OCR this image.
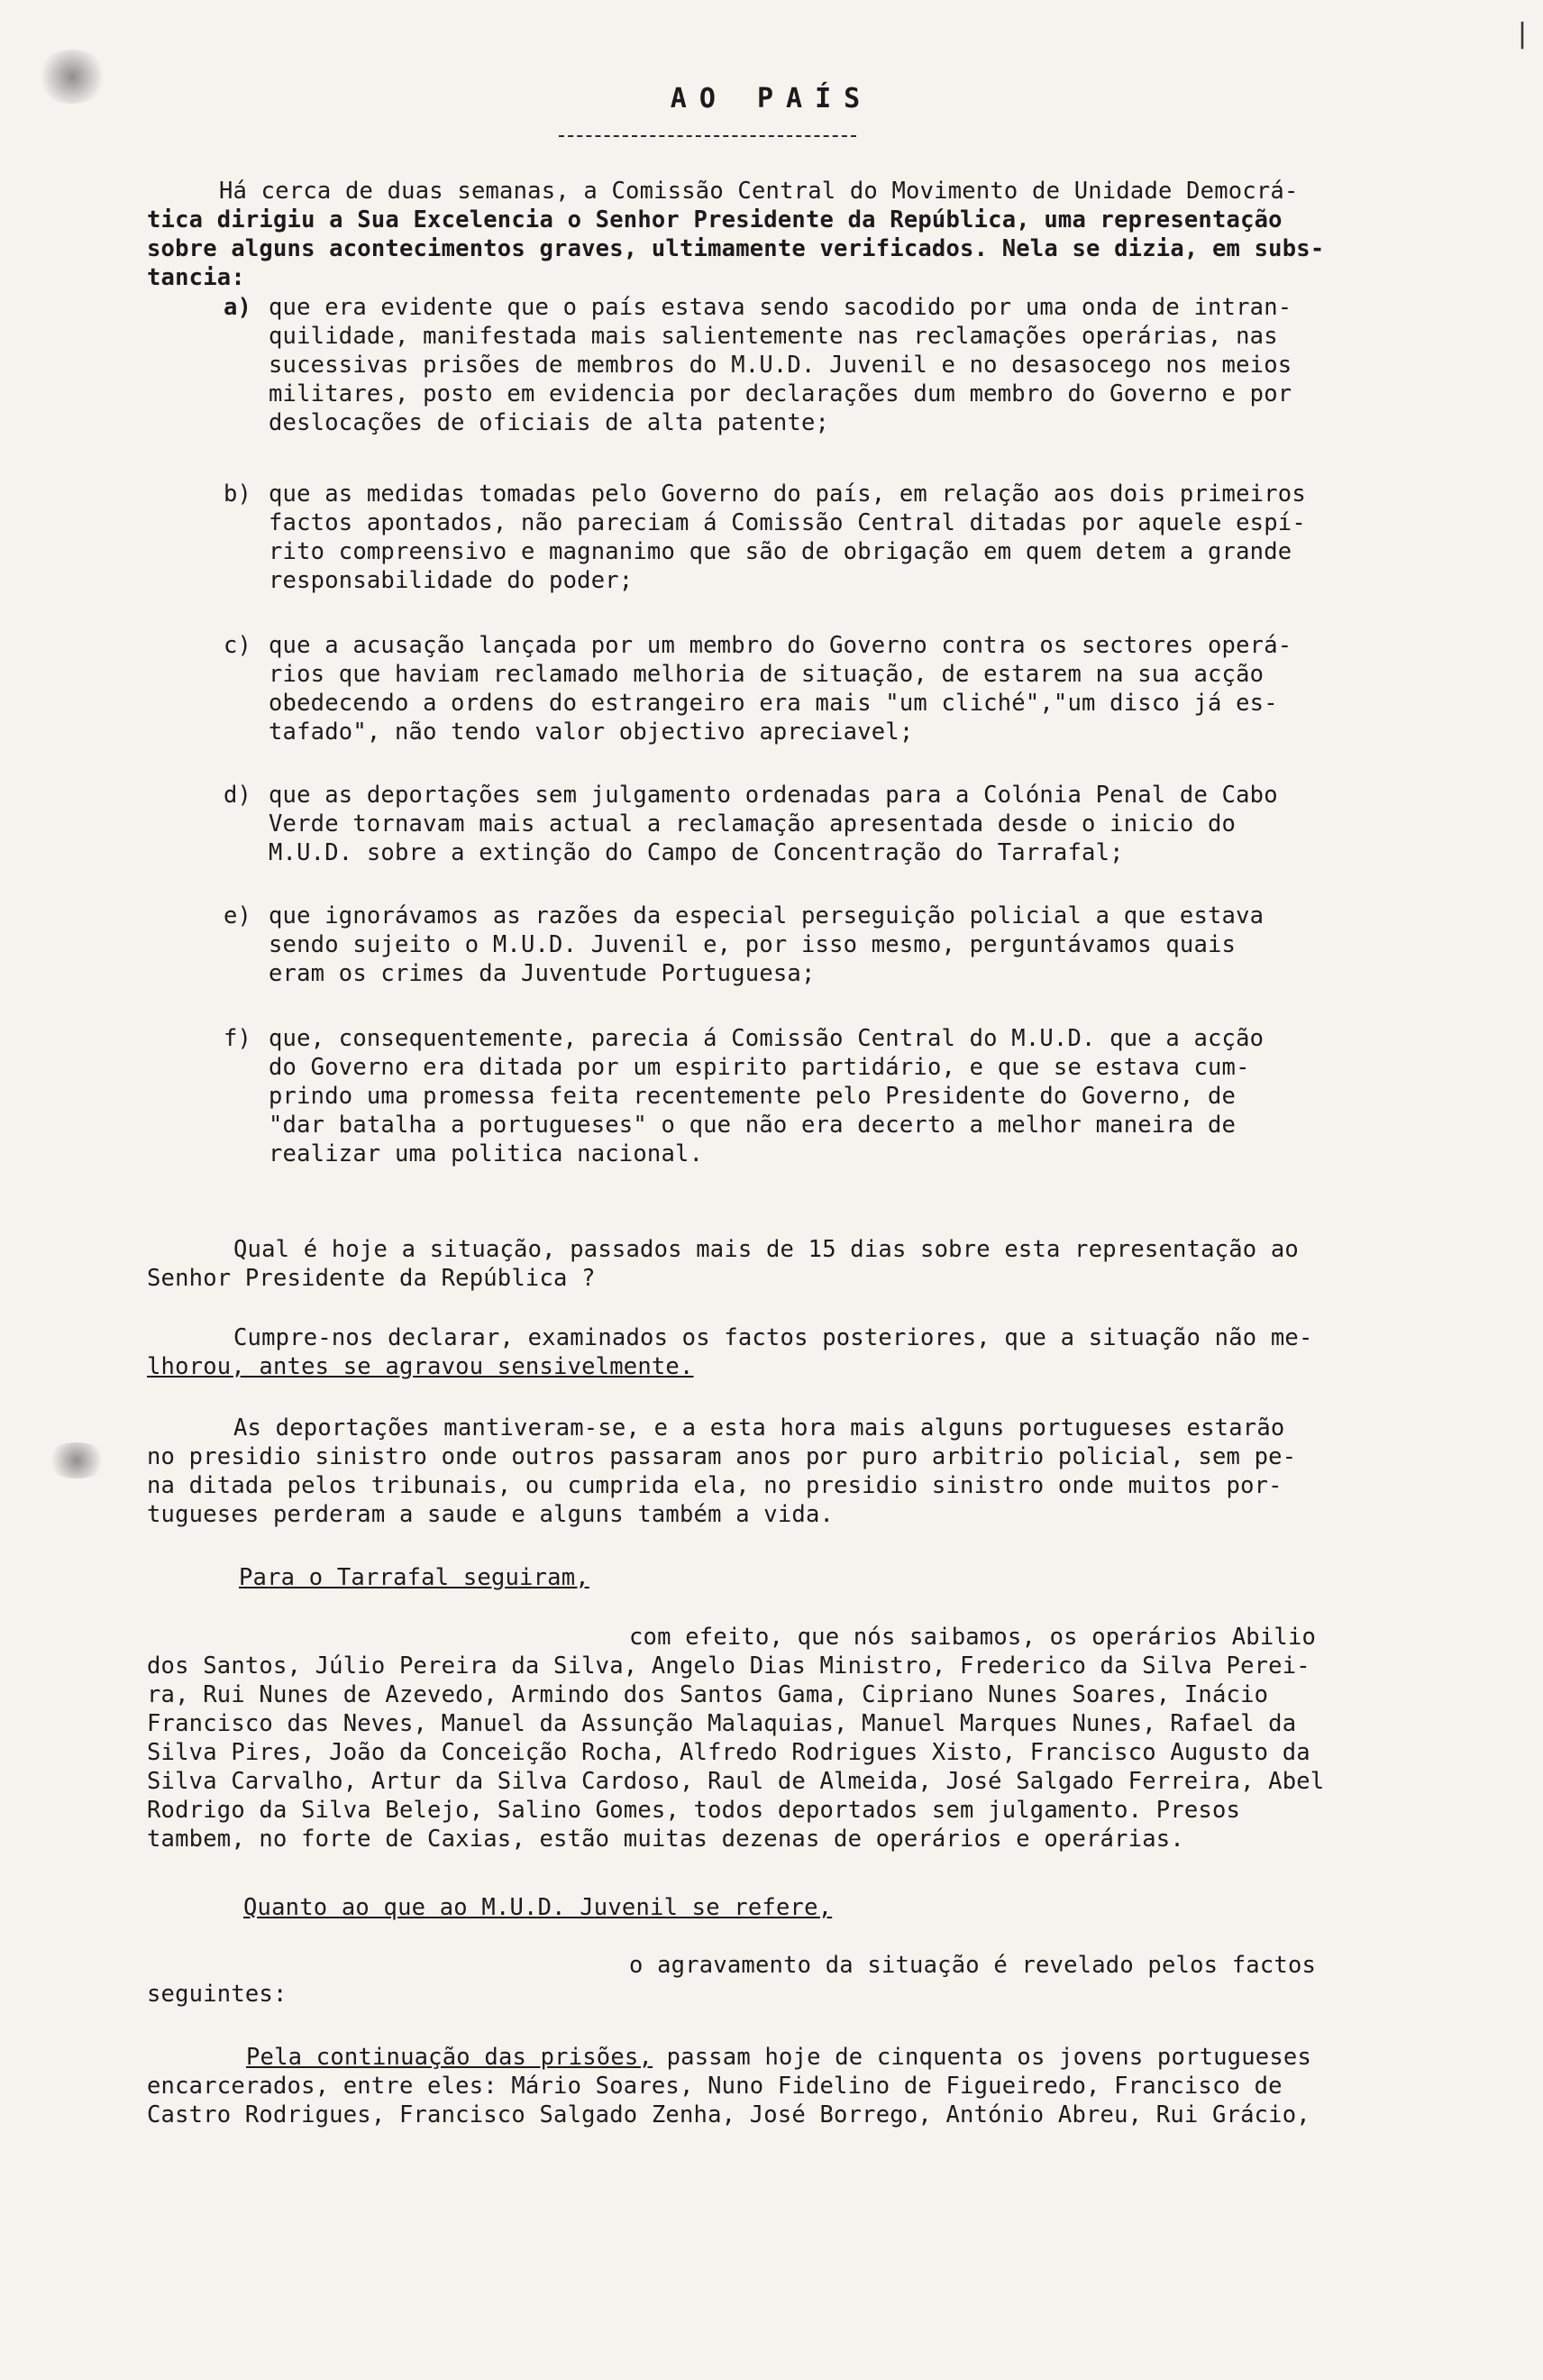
|
AO PAÍS
Há cerca de duas semanas, a Comissão Central do Movimento de Unidade Democrá-
tica dirigiu a Sua Excelencia o Senhor Presidente da República, uma representação
sobre alguns acontecimentos graves, ultimamente verificados. Nela se dizia, em subs-
tancia:
a) que era evidente que o país estava sendo sacodido por uma onda de intran-
quilidade, manifestada mais salientemente nas reclamações operárias, nas
sucessivas prisões de membros do M.U.D. Juvenil e no desasocego nos meios
militares, posto em evidencia por declarações dum membro do Governo e por
deslocações de oficiais de alta patente;
b) que as medidas tomadas pelo Governo do país, em relação aos dois primeiros
factos apontados, não pareciam á Comissão Central ditadas por aquele espí-
rito compreensivo e magnanimo que são de obrigação em quem detem a grande
responsabilidade do poder;
c) que a acusação lançada por um membro do Governo contra os sectores operá-
rios que haviam reclamado melhoria de situação, de estarem na sua acção
obedecendo a ordens do estrangeiro era mais "um cliché","um disco já es-
tafado", não tendo valor objectivo apreciavel;
d) que as deportações sem julgamento ordenadas para a Colónia Penal de Cabo
Verde tornavam mais actual a reclamação apresentada desde o inicio do
M.U.D. sobre a extinção do Campo de Concentração do Tarrafal;
e) que ignorávamos as razões da especial perseguição policial a que estava
sendo sujeito o M.U.D. Juvenil e, por isso mesmo, perguntávamos quais
eram os crimes da Juventude Portuguesa;
f) que, consequentemente, parecia á Comissão Central do M.U.D. que a acção
do Governo era ditada por um espirito partidário, e que se estava cum-
prindo uma promessa feita recentemente pelo Presidente do Governo, de
"dar batalha a portugueses" o que não era decerto a melhor maneira de
realizar uma politica nacional.
Qual é hoje a situação, passados mais de 15 dias sobre esta representação ao
Senhor Presidente da República ?
Cumpre-nos declarar, examinados os factos posteriores, que a situação não me-
lhorou, antes se agravou sensivelmente.
As deportações mantiveram-se, e a esta hora mais alguns portugueses estarão
no presidio sinistro onde outros passaram anos por puro arbitrio policial, sem pe-
na ditada pelos tribunais, ou cumprida ela, no presidio sinistro onde muitos por-
tugueses perderam a saude e alguns também a vida.
Para o Tarrafal seguiram,
com efeito, que nós saibamos, os operários Abilio
dos Santos, Júlio Pereira da Silva, Angelo Dias Ministro, Frederico da Silva Perei-
ra, Rui Nunes de Azevedo, Armindo dos Santos Gama, Cipriano Nunes Soares, Inácio
Francisco das Neves, Manuel da Assunção Malaquias, Manuel Marques Nunes, Rafael da
Silva Pires, João da Conceição Rocha, Alfredo Rodrigues Xisto, Francisco Augusto da
Silva Carvalho, Artur da Silva Cardoso, Raul de Almeida, José Salgado Ferreira, Abel
Rodrigo da Silva Belejo, Salino Gomes, todos deportados sem julgamento. Presos
tambem, no forte de Caxias, estão muitas dezenas de operários e operárias.
Quanto ao que ao M.U.D. Juvenil se refere,
o agravamento da situação é revelado pelos factos
seguintes:
Pela continuação das prisões, passam hoje de cinquenta os jovens portugueses
encarcerados, entre eles: Mário Soares, Nuno Fidelino de Figueiredo, Francisco de
Castro Rodrigues, Francisco Salgado Zenha, José Borrego, António Abreu, Rui Grácio,
